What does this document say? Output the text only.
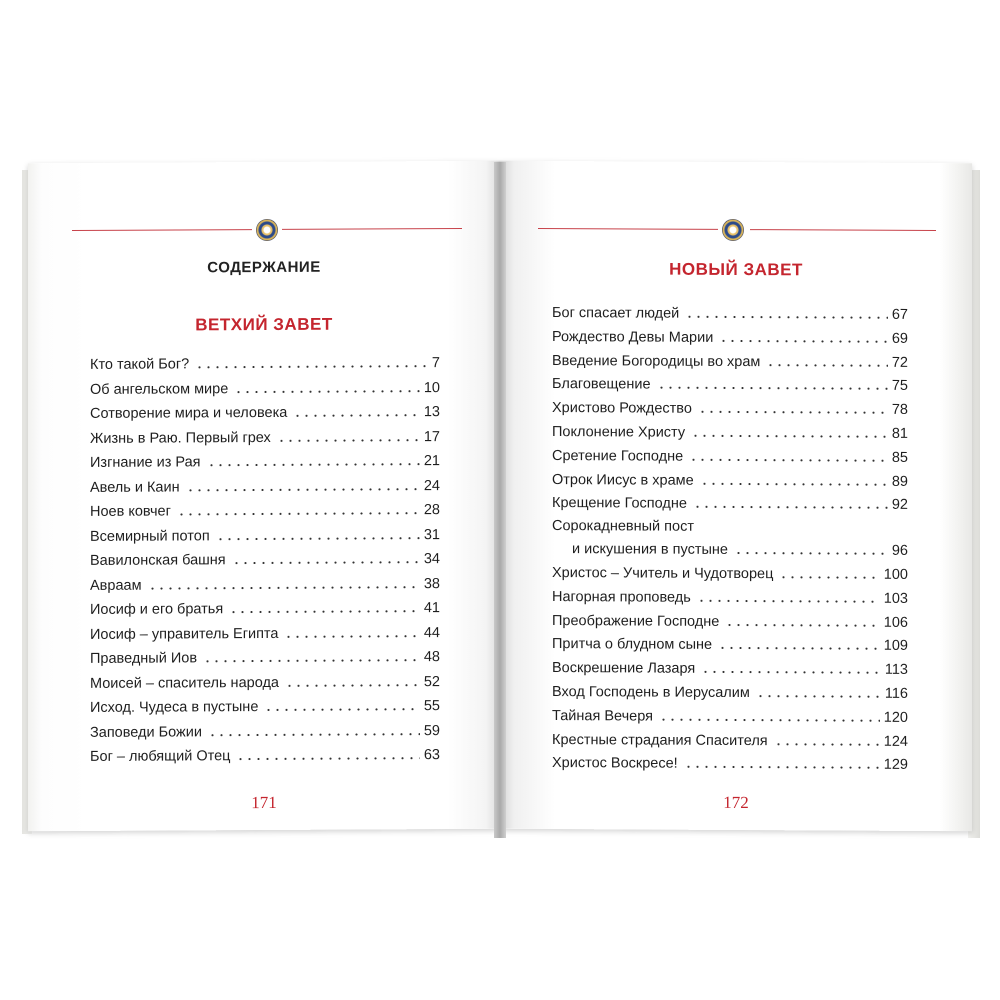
СОДЕРЖАНИЕ
ВЕТХИЙ ЗАВЕТ
Кто такой Бог?	7
Об ангельском мире	10
Сотворение мира и человека	13
Жизнь в Раю. Первый грех	17
Изгнание из Рая	21
Авель и Каин	24
Ноев ковчег	28
Всемирный потоп	31
Вавилонская башня	34
Авраам	38
Иосиф и его братья	41
Иосиф – управитель Египта	44
Праведный Иов	48
Моисей – спаситель народа	52
Исход. Чудеса в пустыне	55
Заповеди Божии	59
Бог – любящий Отец	63
171
НОВЫЙ ЗАВЕТ
Бог спасает людей	67
Рождество Девы Марии	69
Введение Богородицы во храм	72
Благовещение	75
Христово Рождество	78
Поклонение Христу	81
Сретение Господне	85
Отрок Иисус в храме	89
Крещение Господне	92
Сорокадневный пост
и искушения в пустыне	96
Христос – Учитель и Чудотворец	100
Нагорная проповедь	103
Преображение Господне	106
Притча о блудном сыне	109
Воскрешение Лазаря	113
Вход Господень в Иерусалим	116
Тайная Вечеря	120
Крестные страдания Спасителя	124
Христос Воскресе!	129
172
